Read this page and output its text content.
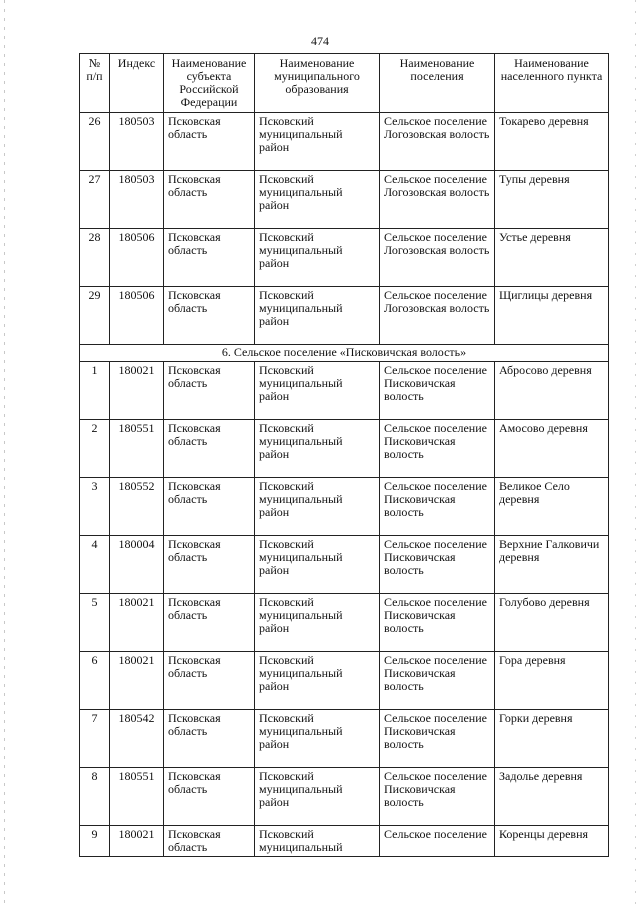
474
№ п/п	Индекс	Наименование субъекта Российской Федерации	Наименование муниципального образования	Наименование поселения	Наименование населенного пункта
26	180503	Псковская область	Псковский муниципальный район	Сельское поселение Логозовская волость	Токарево деревня
27	180503	Псковская область	Псковский муниципальный район	Сельское поселение Логозовская волость	Тупы деревня
28	180506	Псковская область	Псковский муниципальный район	Сельское поселение Логозовская волость	Устье деревня
29	180506	Псковская область	Псковский муниципальный район	Сельское поселение Логозовская волость	Щиглицы деревня
6. Сельское поселение «Писковичская волость»					
1	180021	Псковская область	Псковский муниципальный район	Сельское поселение Писковичская волость	Абросово деревня
2	180551	Псковская область	Псковский муниципальный район	Сельское поселение Писковичская волость	Амосово деревня
3	180552	Псковская область	Псковский муниципальный район	Сельское поселение Писковичская волость	Великое Село деревня
4	180004	Псковская область	Псковский муниципальный район	Сельское поселение Писковичская волость	Верхние Галковичи деревня
5	180021	Псковская область	Псковский муниципальный район	Сельское поселение Писковичская волость	Голубово деревня
6	180021	Псковская область	Псковский муниципальный район	Сельское поселение Писковичская волость	Гора деревня
7	180542	Псковская область	Псковский муниципальный район	Сельское поселение Писковичская волость	Горки деревня
8	180551	Псковская область	Псковский муниципальный район	Сельское поселение Писковичская волость	Задолье деревня
9	180021	Псковская область	Псковский муниципальный	Сельское поселение	Коренцы деревня
